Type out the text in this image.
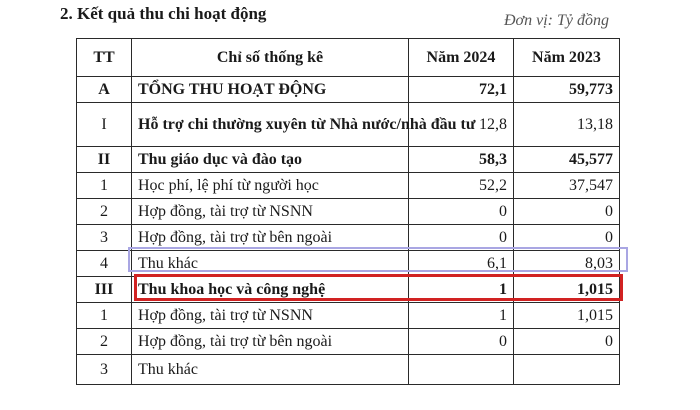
2. Kết quả thu chi hoạt động	Đơn vị: Tỷ đồng
TT	Chỉ số thống kê	Năm 2024	Năm 2023
A	TỔNG THU HOẠT ĐỘNG	72,1	59,773
I	Hỗ trợ chi thường xuyên từ Nhà nước/nhà đầu tư	12,8	13,18
II	Thu giáo dục và đào tạo	58,3	45,577
1	Học phí, lệ phí từ người học	52,2	37,547
2	Hợp đồng, tài trợ từ NSNN	0	0
3	Hợp đồng, tài trợ từ bên ngoài	0	0
4	Thu khác	6,1	8,03
III	Thu khoa học và công nghệ	1	1,015
1	Hợp đồng, tài trợ từ NSNN	1	1,015
2	Hợp đồng, tài trợ từ bên ngoài	0	0
3	Thu khác		
